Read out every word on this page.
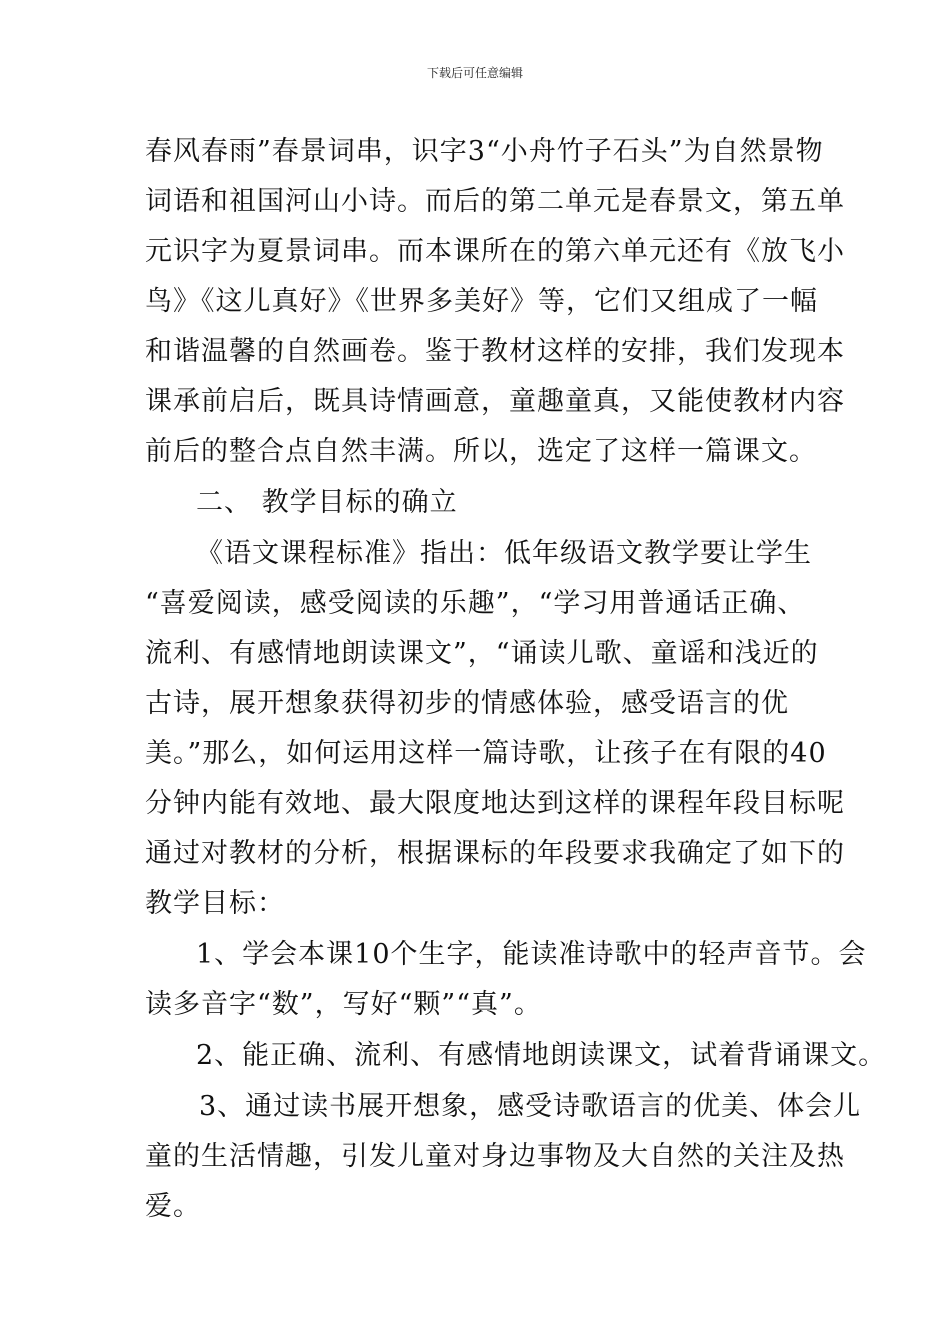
下载后可任意编辑
春风春雨”春景词串，识字3“小舟竹子石头”为自然景物
词语和祖国河山小诗。而后的第二单元是春景文，第五单
元识字为夏景词串。而本课所在的第六单元还有《放飞小
鸟》《这儿真好》《世界多美好》等，它们又组成了一幅
和谐温馨的自然画卷。鉴于教材这样的安排，我们发现本
课承前启后，既具诗情画意，童趣童真，又能使教材内容
前后的整合点自然丰满。所以，选定了这样一篇课文。
二、 教学目标的确立
《语文课程标准》指出：低年级语文教学要让学生
“喜爱阅读，感受阅读的乐趣”，“学习用普通话正确、
流利、有感情地朗读课文”，“诵读儿歌、童谣和浅近的
古诗，展开想象获得初步的情感体验，感受语言的优
美。”那么，如何运用这样一篇诗歌，让孩子在有限的40
分钟内能有效地、最大限度地达到这样的课程年段目标呢
通过对教材的分析，根据课标的年段要求我确定了如下的
教学目标：
1、学会本课10个生字，能读准诗歌中的轻声音节。会
读多音字“数”，写好“颗”“真”。
2、能正确、流利、有感情地朗读课文，试着背诵课文。
3、通过读书展开想象，感受诗歌语言的优美、体会儿
童的生活情趣，引发儿童对身边事物及大自然的关注及热
爱。
